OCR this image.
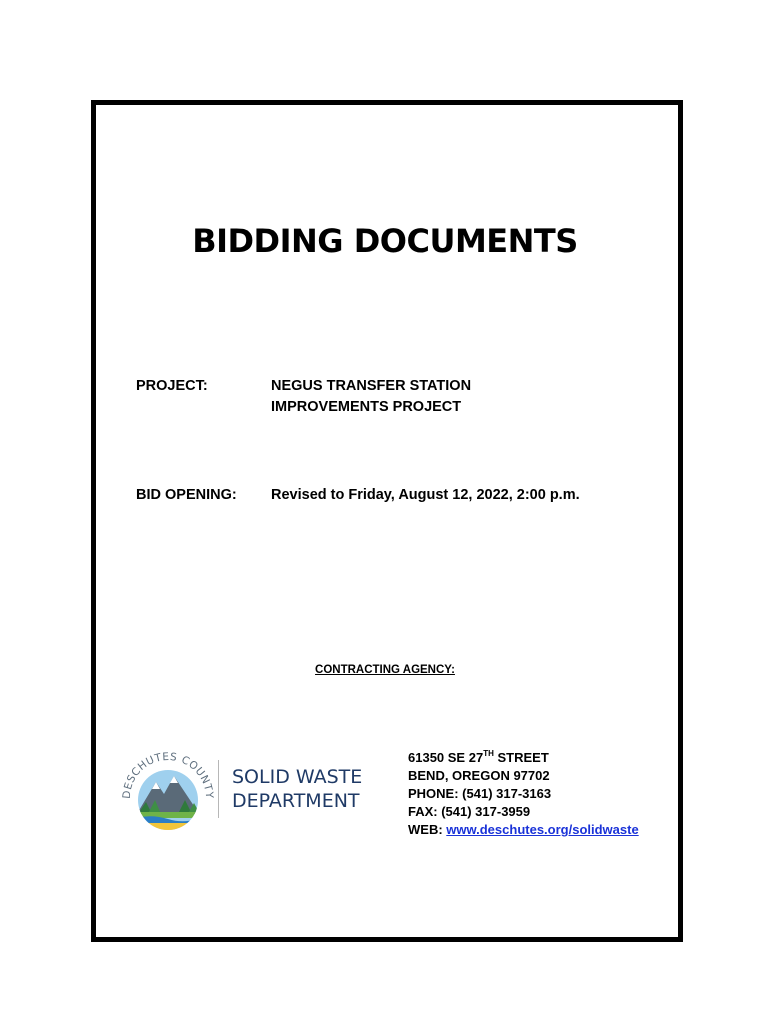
BIDDING DOCUMENTS
PROJECT:	NEGUS TRANSFER STATION
IMPROVEMENTS PROJECT
BID OPENING: Revised to Friday, August 12, 2022, 2:00 p.m.
CONTRACTING AGENCY:
DESCHUTES COUNTY
SOLID WASTE
DEPARTMENT
61350 SE 27TH STREET
BEND, OREGON 97702
PHONE: (541) 317-3163
FAX: (541) 317-3959
WEB: www.deschutes.org/solidwaste
